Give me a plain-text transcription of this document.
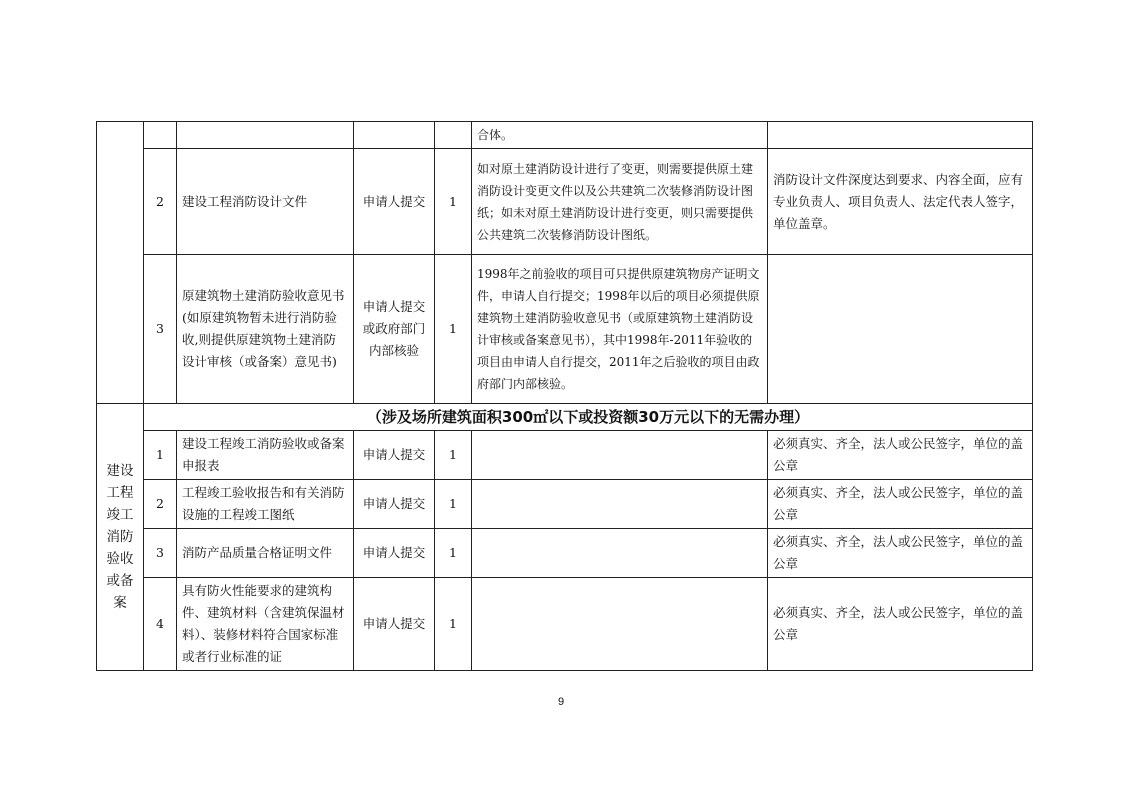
					合体。	
	2	建设工程消防设计文件	申请人提交	1	如对原土建消防设计进行了变更，则需要提供原土建消防设计变更文件以及公共建筑二次装修消防设计图纸；如未对原土建消防设计进行变更，则只需要提供公共建筑二次装修消防设计图纸。	消防设计文件深度达到要求、内容全面，应有专业负责人、项目负责人、法定代表人签字，单位盖章。
	3	原建筑物土建消防验收意见书(如原建筑物暂未进行消防验收,则提供原建筑物土建消防设计审核（或备案）意见书)	申请人提交或政府部门内部核验	1	1998年之前验收的项目可只提供原建筑物房产证明文件，申请人自行提交；1998年以后的项目必须提供原建筑物土建消防验收意见书（或原建筑物土建消防设计审核或备案意见书），其中1998年-2011年验收的项目由申请人自行提交，2011年之后验收的项目由政府部门内部核验。	
建设工程竣工消防验收或备案	（涉及场所建筑面积300㎡以下或投资额30万元以下的无需办理）					
	1	建设工程竣工消防验收或备案申报表	申请人提交	1		必须真实、齐全，法人或公民签字，单位的盖公章
	2	工程竣工验收报告和有关消防设施的工程竣工图纸	申请人提交	1		必须真实、齐全，法人或公民签字，单位的盖公章
	3	消防产品质量合格证明文件	申请人提交	1		必须真实、齐全，法人或公民签字，单位的盖公章
	4	具有防火性能要求的建筑构件、建筑材料（含建筑保温材料）、装修材料符合国家标准或者行业标准的证	申请人提交	1		必须真实、齐全，法人或公民签字，单位的盖公章
9
